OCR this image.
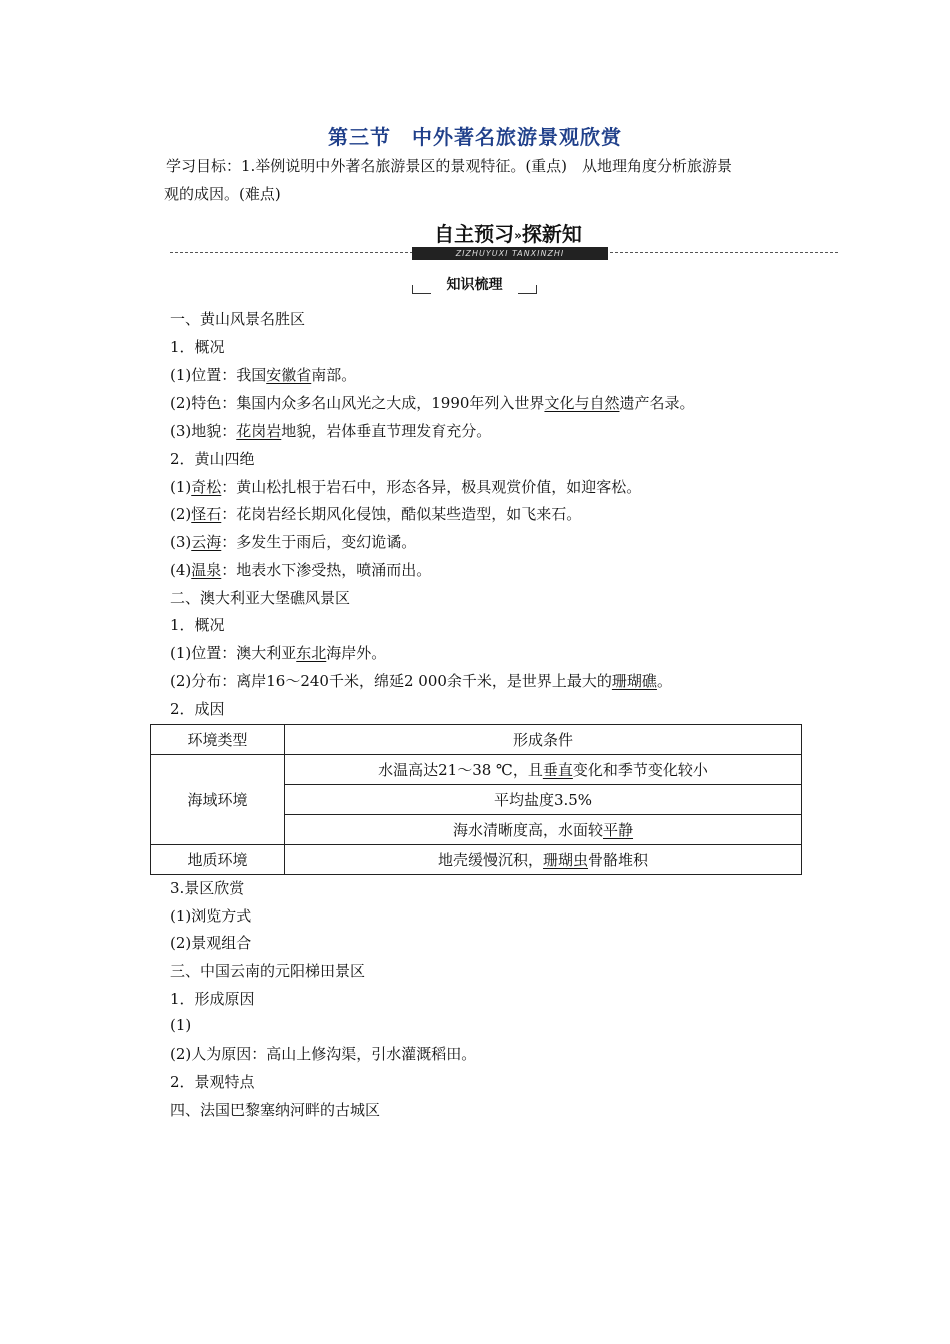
第三节　中外著名旅游景观欣赏
学习目标：1.举例说明中外著名旅游景区的景观特征。(重点)　从地理角度分析旅游景
观的成因。(难点)
自主预习»探新知
ZIZHUYUXI TANXINZHI
知识梳理
一、黄山风景名胜区
1．概况
(1)位置：我国安徽省南部。
(2)特色：集国内众多名山风光之大成，1990年列入世界文化与自然遗产名录。
(3)地貌：花岗岩地貌，岩体垂直节理发育充分。
2．黄山四绝
(1)奇松：黄山松扎根于岩石中，形态各异，极具观赏价值，如迎客松。
(2)怪石：花岗岩经长期风化侵蚀，酷似某些造型，如飞来石。
(3)云海：多发生于雨后，变幻诡谲。
(4)温泉：地表水下渗受热，喷涌而出。
二、澳大利亚大堡礁风景区
1．概况
(1)位置：澳大利亚东北海岸外。
(2)分布：离岸16～240千米，绵延2 000余千米，是世界上最大的珊瑚礁。
2．成因
环境类型	形成条件
海域环境	水温高达21～38 ℃，且垂直变化和季节变化较小
	平均盐度3.5%
	海水清晰度高，水面较平静
地质环境	地壳缓慢沉积，珊瑚虫骨骼堆积
3.景区欣赏
(1)浏览方式
(2)景观组合
三、中国云南的元阳梯田景区
1．形成原因
(1)
(2)人为原因：高山上修沟渠，引水灌溉稻田。
2．景观特点
四、法国巴黎塞纳河畔的古城区
